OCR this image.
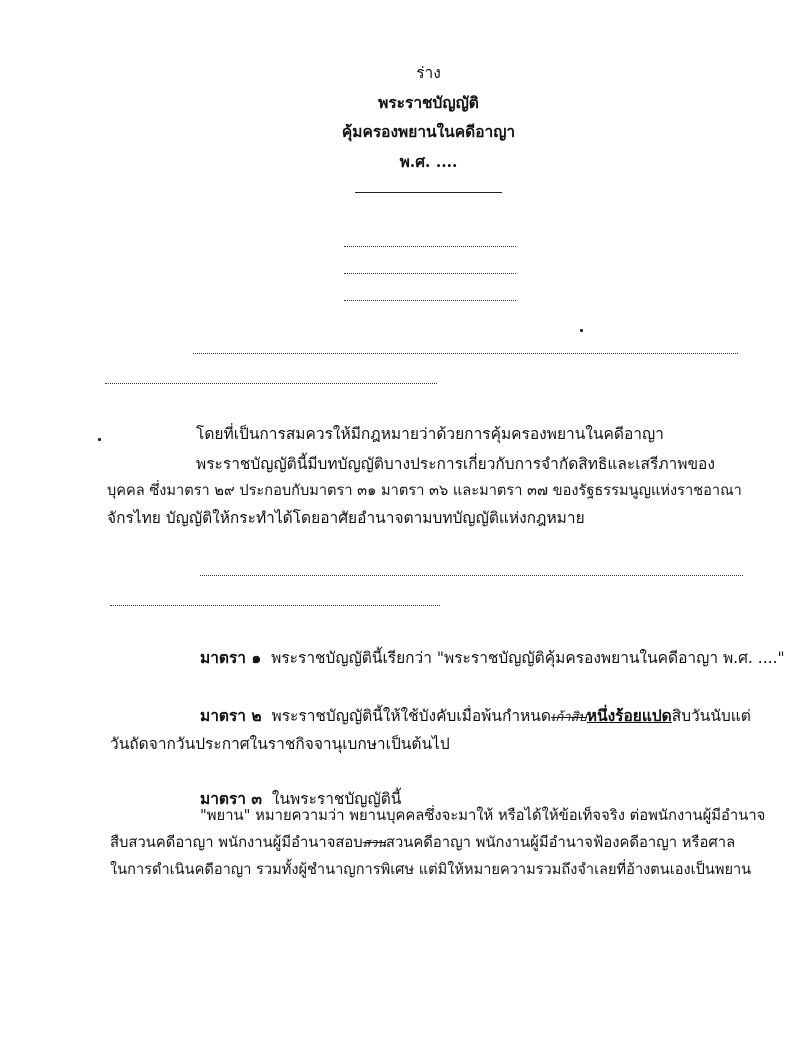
ร่าง
พระราชบัญญัติ
คุ้มครองพยานในคดีอาญา
พ.ศ. ....
โดยที่เป็นการสมควรให้มีกฎหมายว่าด้วยการคุ้มครองพยานในคดีอาญา
พระราชบัญญัตินี้มีบทบัญญัติบางประการเกี่ยวกับการจำกัดสิทธิและเสรีภาพของ
บุคคล ซึ่งมาตรา ๒๙ ประกอบกับมาตรา ๓๑ มาตรา ๓๖ และมาตรา ๓๗ ของรัฐธรรมนูญแห่งราชอาณา
จักรไทย บัญญัติให้กระทำได้โดยอาศัยอำนาจตามบทบัญญัติแห่งกฎหมาย
มาตรา ๑ พระราชบัญญัตินี้เรียกว่า "พระราชบัญญัติคุ้มครองพยานในคดีอาญา พ.ศ. ...."
มาตรา ๒ พระราชบัญญัตินี้ให้ใช้บังคับเมื่อพ้นกำหนดเก้าสิบหนึ่งร้อยแปดสิบวันนับแต่
วันถัดจากวันประกาศในราชกิจจานุเบกษาเป็นต้นไป
มาตรา ๓ ในพระราชบัญญัตินี้
"พยาน" หมายความว่า พยานบุคคลซึ่งจะมาให้ หรือได้ให้ข้อเท็จจริง ต่อพนักงานผู้มีอำนาจ
สืบสวนคดีอาญา พนักงานผู้มีอำนาจสอบสวนสวนคดีอาญา พนักงานผู้มีอำนาจฟ้องคดีอาญา หรือศาล
ในการดำเนินคดีอาญา รวมทั้งผู้ชำนาญการพิเศษ แต่มิให้หมายความรวมถึงจำเลยที่อ้างตนเองเป็นพยาน
